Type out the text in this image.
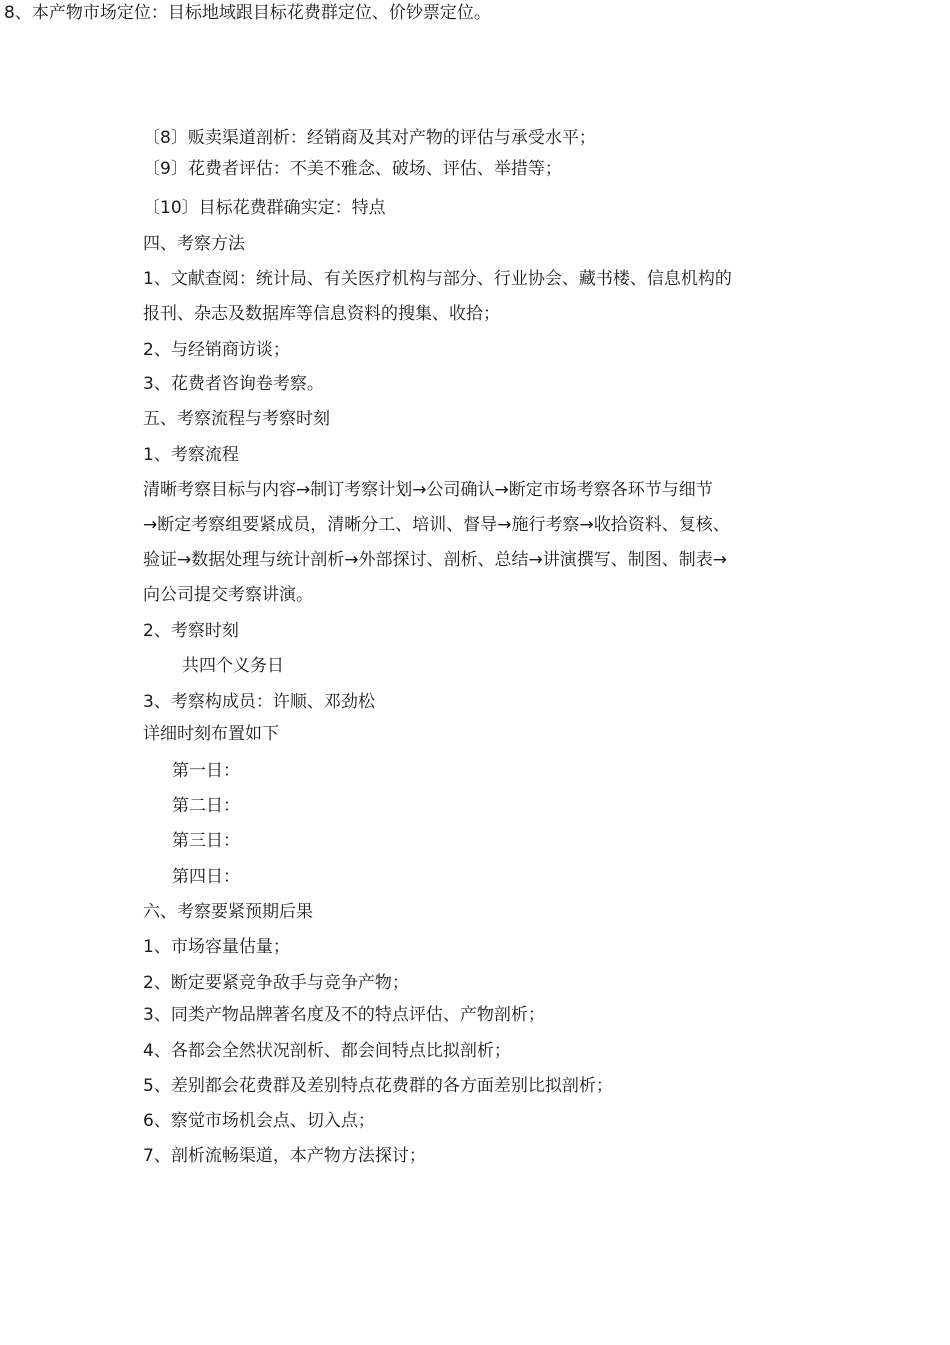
8、本产物市场定位：目标地域跟目标花费群定位、价钞票定位。
〔8〕贩卖渠道剖析：经销商及其对产物的评估与承受水平；
〔9〕花费者评估：不美不雅念、破场、评估、举措等；
〔10〕目标花费群确实定：特点
四、考察方法
1、文献查阅：统计局、有关医疗机构与部分、行业协会、藏书楼、信息机构的
报刊、杂志及数据库等信息资料的搜集、收拾；
2、与经销商访谈；
3、花费者咨询卷考察。
五、考察流程与考察时刻
1、考察流程
清晰考察目标与内容→制订考察计划→公司确认→断定市场考察各环节与细节
→断定考察组要紧成员，清晰分工、培训、督导→施行考察→收拾资料、复核、
验证→数据处理与统计剖析→外部探讨、剖析、总结→讲演撰写、制图、制表→
向公司提交考察讲演。
2、考察时刻
共四个义务日
3、考察构成员：许顺、邓劲松
详细时刻布置如下
第一日：
第二日：
第三日：
第四日：
六、考察要紧预期后果
1、市场容量估量；
2、断定要紧竞争敌手与竞争产物；
3、同类产物品牌著名度及不的特点评估、产物剖析；
4、各都会全然状况剖析、都会间特点比拟剖析；
5、差别都会花费群及差别特点花费群的各方面差别比拟剖析；
6、察觉市场机会点、切入点；
7、剖析流畅渠道，本产物方法探讨；
